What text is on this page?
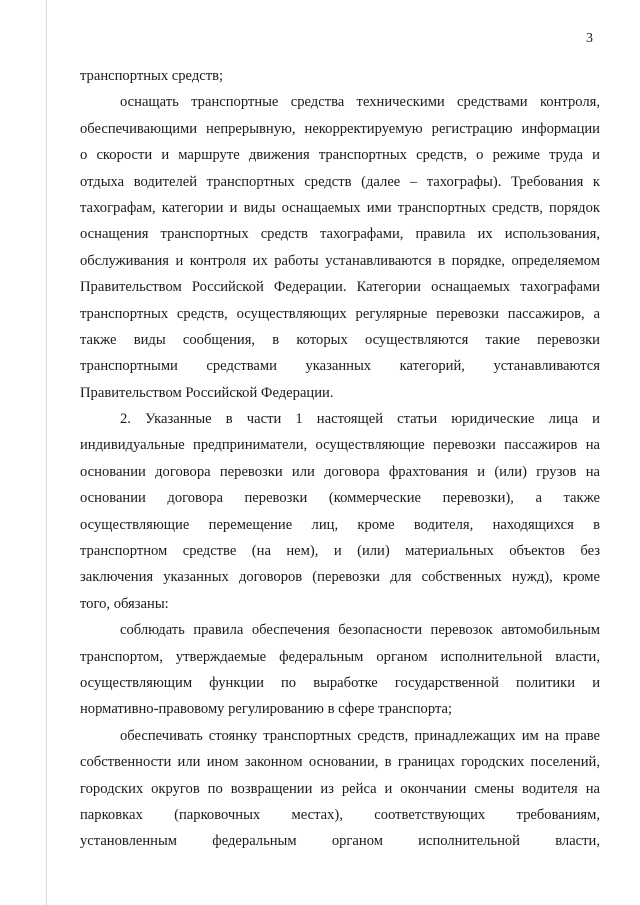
3
транспортных средств;
оснащать транспортные средства техническими средствами контроля,
обеспечивающими непрерывную, некорректируемую регистрацию информации
о скорости и маршруте движения транспортных средств, о режиме труда и
отдыха водителей транспортных средств (далее – тахографы). Требования к
тахографам, категории и виды оснащаемых ими транспортных средств, порядок
оснащения транспортных средств тахографами, правила их использования,
обслуживания и контроля их работы устанавливаются в порядке, определяемом
Правительством Российской Федерации. Категории оснащаемых тахографами
транспортных средств, осуществляющих регулярные перевозки пассажиров, а
также виды сообщения, в которых осуществляются такие перевозки
транспортными средствами указанных категорий, устанавливаются
Правительством Российской Федерации.
2. Указанные в части 1 настоящей статьи юридические лица и
индивидуальные предприниматели, осуществляющие перевозки пассажиров на
основании договора перевозки или договора фрахтования и (или) грузов на
основании договора перевозки (коммерческие перевозки), а также
осуществляющие перемещение лиц, кроме водителя, находящихся в
транспортном средстве (на нем), и (или) материальных объектов без
заключения указанных договоров (перевозки для собственных нужд), кроме
того, обязаны:
соблюдать правила обеспечения безопасности перевозок автомобильным
транспортом, утверждаемые федеральным органом исполнительной власти,
осуществляющим функции по выработке государственной политики и
нормативно-правовому регулированию в сфере транспорта;
обеспечивать стоянку транспортных средств, принадлежащих им на праве
собственности или ином законном основании, в границах городских поселений,
городских округов по возвращении из рейса и окончании смены водителя на
парковках (парковочных местах), соответствующих требованиям,
установленным федеральным органом исполнительной власти,
